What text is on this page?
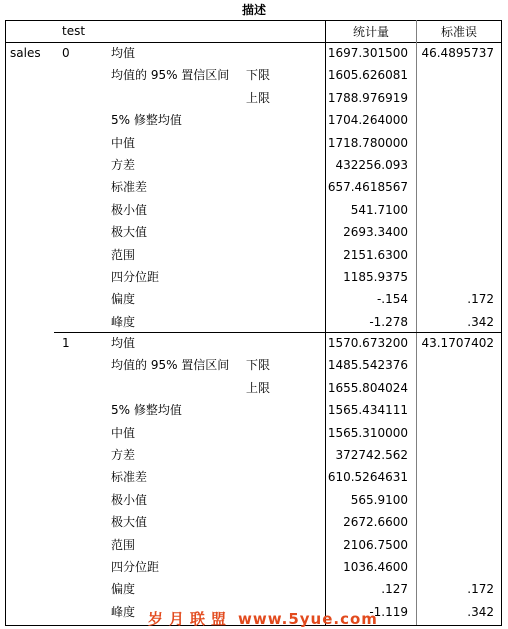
描述
test	统计量	标准误
sales 0	均值	1697.301500	46.4895737
均值的 95% 置信区间 下限	1605.626081
上限	1788.976919
5% 修整均值	1704.264000
中值	1718.780000
方差	432256.093
标准差	657.4618567
极小值	541.7100
极大值	2693.3400
范围	2151.6300
四分位距	1185.9375
偏度	-.154	.172
峰度	-1.278	.342
1	均值	1570.673200	43.1707402
均值的 95% 置信区间 下限	1485.542376
上限	1655.804024
5% 修整均值	1565.434111
中值	1565.310000
方差	372742.562
标准差	610.5264631
极小值	565.9100
极大值	2672.6600
范围	2106.7500
四分位距	1036.4600
偏度	.127	.172
峰度	-1.119	.342
岁月联盟 www.5yue.com
